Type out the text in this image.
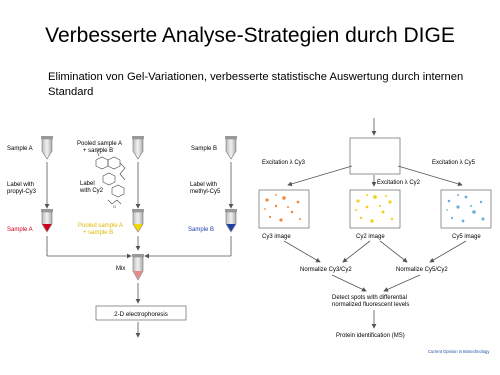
Verbesserte Analyse-Strategien durch DIGE
Elimination von Gel-Variationen, verbesserte statistische Auswertung durch internen Standard
Sample A
Pooled sample A
+ sample B	Sample B
Label with
propyl-Cy3
Label
with Cy2
Label with
methyl-Cy5
O
Sample A
Pooled sample A
+ sample B	Sample B
Mix
2-D electrophoresis
Excitation λ Cy3
Excitation λ Cy2
Excitation λ Cy5
Cy3 image	Cy2 image	Cy5 image
Normalize Cy3/Cy2	Normalize Cy5/Cy2
Detect spots with differential
normalized fluorescent levels
Protein identification (MS)
Current Opinion in Biotechnology
